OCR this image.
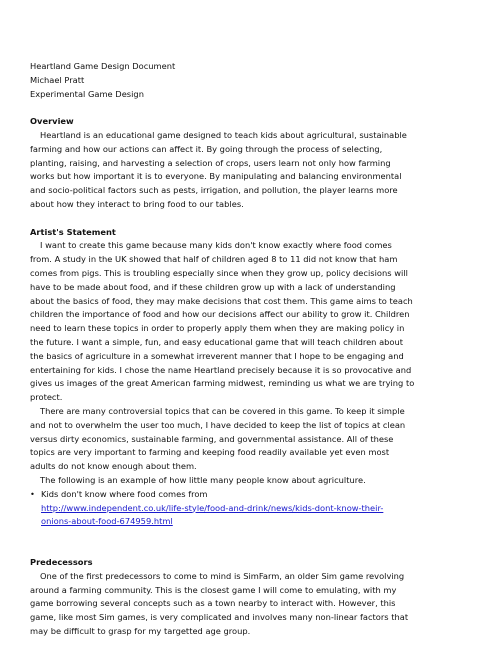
Heartland Game Design Document

Michael Pratt

Experimental Game Design

Overview

Heartland is an educational game designed to teach kids about agricultural, sustainable

farming and how our actions can affect it. By going through the process of selecting,

planting, raising, and harvesting a selection of crops, users learn not only how farming

works but how important it is to everyone. By manipulating and balancing environmental

and socio-political factors such as pests, irrigation, and pollution, the player learns more

about how they interact to bring food to our tables.

Artist's Statement

I want to create this game because many kids don't know exactly where food comes

from. A study in the UK showed that half of children aged 8 to 11 did not know that ham

comes from pigs. This is troubling especially since when they grow up, policy decisions will

have to be made about food, and if these children grow up with a lack of understanding

about the basics of food, they may make decisions that cost them. This game aims to teach

children the importance of food and how our decisions affect our ability to grow it. Children

need to learn these topics in order to properly apply them when they are making policy in

the future. I want a simple, fun, and easy educational game that will teach children about

the basics of agriculture in a somewhat irreverent manner that I hope to be engaging and

entertaining for kids. I chose the name Heartland precisely because it is so provocative and

gives us images of the great American farming midwest, reminding us what we are trying to

protect.

There are many controversial topics that can be covered in this game. To keep it simple

and not to overwhelm the user too much, I have decided to keep the list of topics at clean

versus dirty economics, sustainable farming, and governmental assistance. All of these

topics are very important to farming and keeping food readily available yet even most

adults do not know enough about them.

The following is an example of how little many people know about agriculture.

• Kids don't know where food comes from

http://www.independent.co.uk/life-style/food-and-drink/news/kids-dont-know-their-
onions-about-food-674959.html

Predecessors

One of the first predecessors to come to mind is SimFarm, an older Sim game revolving

around a farming community. This is the closest game I will come to emulating, with my

game borrowing several concepts such as a town nearby to interact with. However, this

game, like most Sim games, is very complicated and involves many non-linear factors that

may be difficult to grasp for my targetted age group.
